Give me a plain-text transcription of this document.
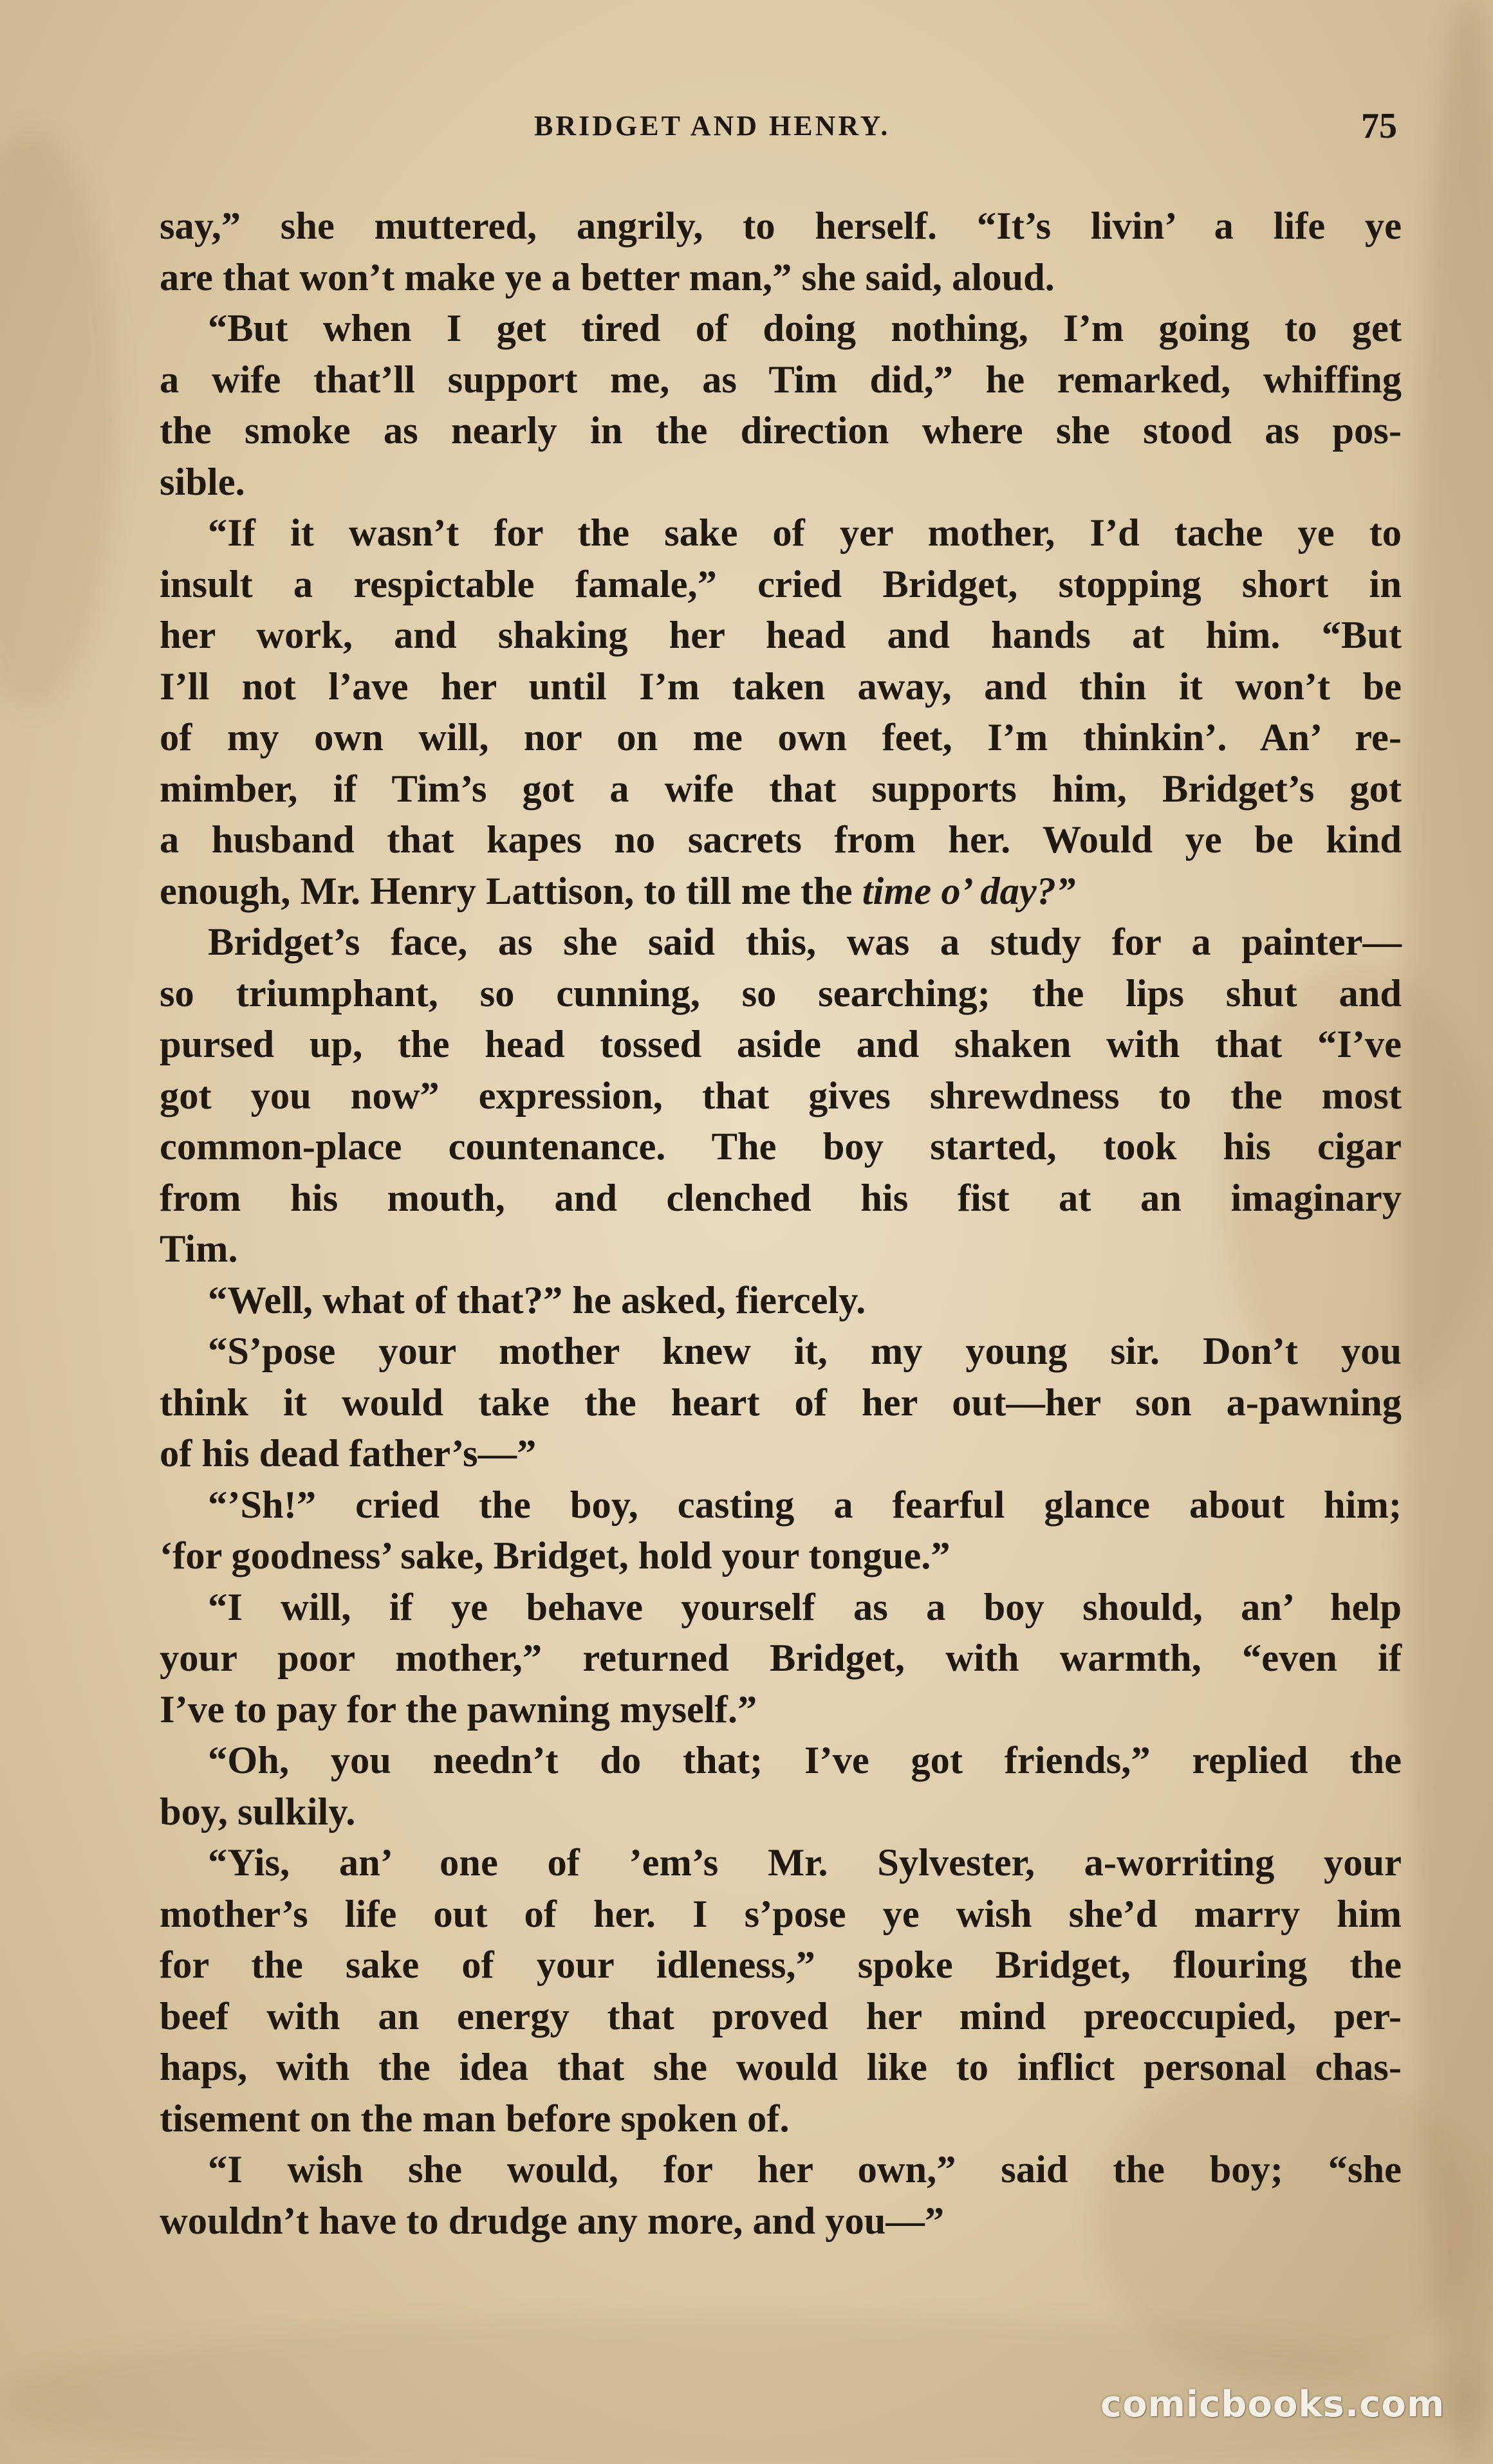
BRIDGET AND HENRY.	75
say,” she muttered, angrily, to herself. “It’s livin’ a life ye
are that won’t make ye a better man,” she said, aloud.
“But when I get tired of doing nothing, I’m going to get
a wife that’ll support me, as Tim did,” he remarked, whiffing
the smoke as nearly in the direction where she stood as pos-
sible.
“If it wasn’t for the sake of yer mother, I’d tache ye to
insult a respictable famale,” cried Bridget, stopping short in
her work, and shaking her head and hands at him. “But
I’ll not l’ave her until I’m taken away, and thin it won’t be
of my own will, nor on me own feet, I’m thinkin’. An’ re-
mimber, if Tim’s got a wife that supports him, Bridget’s got
a husband that kapes no sacrets from her. Would ye be kind
enough, Mr. Henry Lattison, to till me the time o’ day?”
Bridget’s face, as she said this, was a study for a painter—
so triumphant, so cunning, so searching; the lips shut and
pursed up, the head tossed aside and shaken with that “I’ve
got you now” expression, that gives shrewdness to the most
common-place countenance. The boy started, took his cigar
from his mouth, and clenched his fist at an imaginary
Tim.
“Well, what of that?” he asked, fiercely.
“S’pose your mother knew it, my young sir. Don’t you
think it would take the heart of her out—her son a-pawning
of his dead father’s—”
“’Sh!” cried the boy, casting a fearful glance about him;
‘for goodness’ sake, Bridget, hold your tongue.”
“I will, if ye behave yourself as a boy should, an’ help
your poor mother,” returned Bridget, with warmth, “even if
I’ve to pay for the pawning myself.”
“Oh, you needn’t do that; I’ve got friends,” replied the
boy, sulkily.
“Yis, an’ one of ’em’s Mr. Sylvester, a-worriting your
mother’s life out of her. I s’pose ye wish she’d marry him
for the sake of your idleness,” spoke Bridget, flouring the
beef with an energy that proved her mind preoccupied, per-
haps, with the idea that she would like to inflict personal chas-
tisement on the man before spoken of.
“I wish she would, for her own,” said the boy; “she
wouldn’t have to drudge any more, and you—”
comicbooks.com
